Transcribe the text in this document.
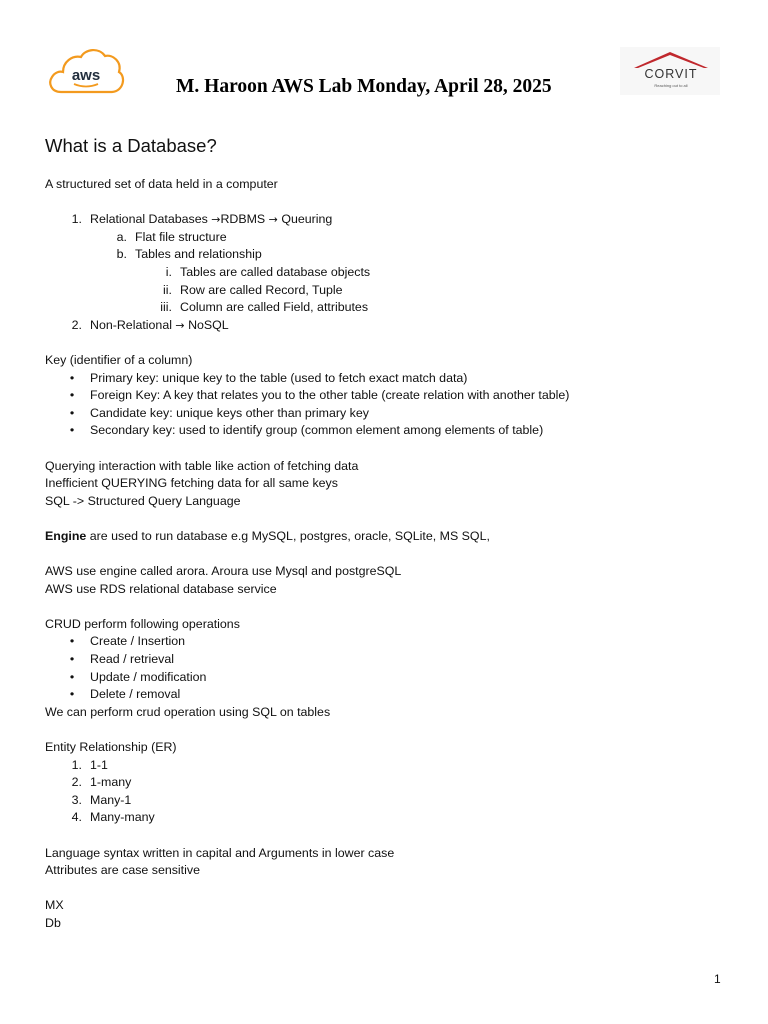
aws	CORVIT
Reaching out to all
M. Haroon AWS Lab Monday, April 28, 2025
What is a Database?
A structured set of data held in a computer
1. Relational Databases →RDBMS → Queuring
a. Flat file structure
b. Tables and relationship
i. Tables are called database objects
ii. Row are called Record, Tuple
iii. Column are called Field, attributes
2. Non-Relational → NoSQL
Key (identifier of a column)
• Primary key: unique key to the table (used to fetch exact match data)
• Foreign Key: A key that relates you to the other table (create relation with another table)
• Candidate key: unique keys other than primary key
• Secondary key: used to identify group (common element among elements of table)
Querying interaction with table like action of fetching data
Inefficient QUERYING fetching data for all same keys
SQL -> Structured Query Language
Engine are used to run database e.g MySQL, postgres, oracle, SQLite, MS SQL,
AWS use engine called arora. Aroura use Mysql and postgreSQL
AWS use RDS relational database service
CRUD perform following operations
• Create / Insertion
• Read / retrieval
• Update / modification
• Delete / removal
We can perform crud operation using SQL on tables
Entity Relationship (ER)
1. 1-1
2. 1-many
3. Many-1
4. Many-many
Language syntax written in capital and Arguments in lower case
Attributes are case sensitive
MX
Db
1
